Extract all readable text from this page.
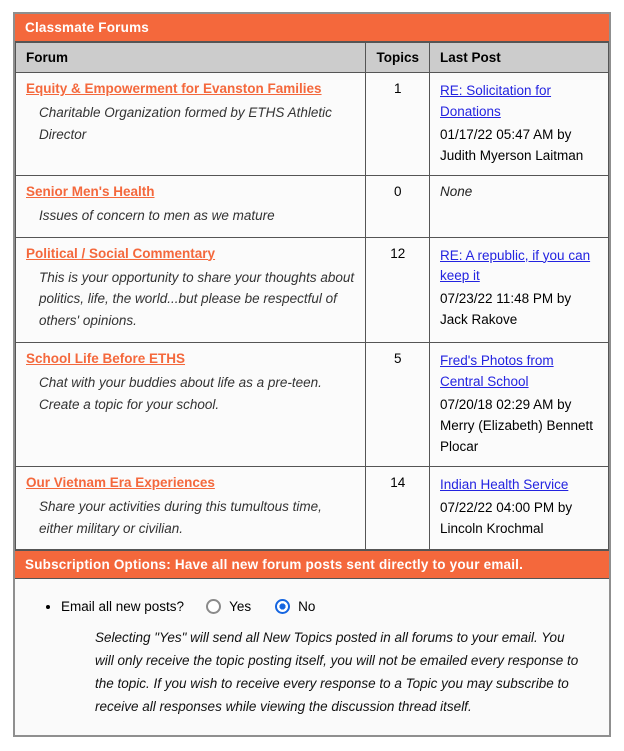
Classmate Forums
Forum	Topics	Last Post
Equity & Empowerment for Evanston Families
Charitable Organization formed by ETHS Athletic Director	1	RE: Solicitation for Donations
01/17/22 05:47 AM by Judith Myerson Laitman

Senior Men's Health
Issues of concern to men as we mature	0	None
Political / Social Commentary
This is your opportunity to share your thoughts about politics, life, the world...but please be respectful of others' opinions.	12	RE: A republic, if you can keep it
07/23/22 11:48 PM by Jack Rakove

School Life Before ETHS
Chat with your buddies about life as a pre-teen. Create a topic for your school.	5	Fred's Photos from Central School
07/20/18 02:29 AM by Merry (Elizabeth) Bennett Plocar

Our Vietnam Era Experiences
Share your activities during this tumultous time, either military or civilian.	14	Indian Health Service
07/22/22 04:00 PM by Lincoln Krochmal
Subscription Options: Have all new forum posts sent directly to your email.
• Email all new posts?	Yes	No
Selecting "Yes" will send all New Topics posted in all forums to your email. You will only receive the topic posting itself, you will not be emailed every response to the topic. If you wish to receive every response to a Topic you may subscribe to receive all responses while viewing the discussion thread itself.
